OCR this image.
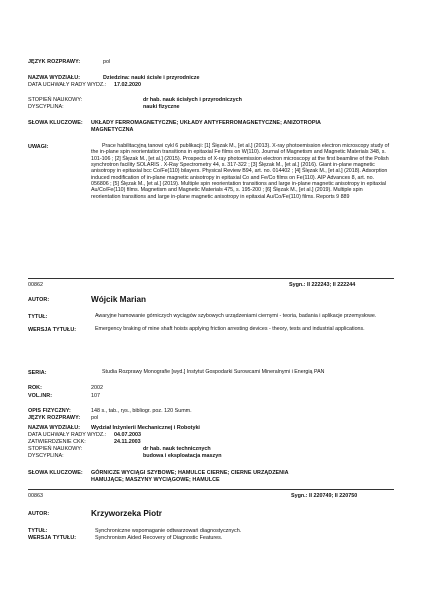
JĘZYK ROZPRAWY:	pol
NAZWA WYDZIAŁU:	Dziedzina: nauki ścisłe i przyrodnicze
DATA UCHWAŁY RADY WYDZ.: 17.02.2020
STOPIEŃ NAUKOWY:	dr hab. nauk ścisłych i przyrodniczych
DYSCYPLINA:	nauki fizyczne
SŁOWA KLUCZOWE: UKŁADY FERROMAGNETYCZNE; UKŁADY ANTYFERROMAGNETYCZNE; ANIZOTROPIA
MAGNETYCZNA
UWAGI:	Prace habilitacyjną tanowi cykl 6 publikacji: [1] Ślęzak M., [et al.] (2013). X-ray photoemission electron microscopy study of the in-plane spin reorientation transitions in epitaxial Fe films on W(110). Journal of Magnetism and Magnetic Materials 348, s. 101-106 ; [2] Ślęzak M., [et al.] (2015). Prospects of X-ray photoemission electron microscopy at the first beamline of the Polish synchrotron facility SOLARIS . X-Ray Spectrometry 44, s. 317-322 ; [3] Ślęzak M., [et al.] (2016). Giant in-plane magnetic anisotropy in epitaxial bcc Co/Fe(110) bilayers. Physical Review B94, art. no. 014402 ; [4] Ślęzak M., [et al.] (2018). Adsorption induced modification of in-plane magnetic anisotropy in epitaxial Co and Fe/Co films on Fe(110). AIP Advances 8, art. no. 056806 ; [5] Ślęzak M., [et al.] (2019). Multiple spin reorientation transitions and large in-plane magnetic anisotropy in epitaxial Au/Co/Fe(110) films. Magnetism and Magnetic Materials 475, s. 195-200 ; [6] Ślęzak M., [et al.] (2019). Multiple spin reorientation transitions and large in-plane magnetic anisotropy in epitaxial Au/Co/Fe(110) films. Reports 9 889
00862	Sygn.: II 222243; II 222244
AUTOR:	Wójcik Marian
TYTUŁ:	Awaryjne hamowanie górniczych wyciągów szybowych urządzeniami ciernymi - teoria, badania i aplikacje przemysłowe.
WERSJA TYTUŁU:	Emergency braking of mine shaft hoists applying friction arresting devices - theory, tests and industrial applications.
SERIA:	Studia Rozprawy Monografie [wyd.] Instytut Gospodarki Surowcami Mineralnymi i Energią PAN
ROK:	2002
VOL./NR:	107
OPIS FIZYCZNY:	148 s., tab., rys., bibliogr. poz. 120 Summ.
JĘZYK ROZPRAWY: pol
NAZWA WYDZIAŁU: Wydział Inżynierii Mechanicznej i Robotyki
DATA UCHWAŁY RADY WYDZ.: 04.07.2003
ZATWIERDZENIE CKK:	24.11.2003
STOPIEŃ NAUKOWY:	dr hab. nauk technicznych
DYSCYPLINA:	budowa i eksploatacja maszyn
SŁOWA KLUCZOWE: GÓRNICZE WYCIĄGI SZYBOWE; HAMULCE CIERNE; CIERNE URZĄDZENIA
HAMUJĄCE; MASZYNY WYCIĄGOWE; HAMULCE
00863	Sygn.: II 220749; II 220750
AUTOR:	Krzyworzeka Piotr
TYTUŁ:	Synchroniczne wspomaganie odtwarzowań diagnostycznych.
WERSJA TYTUŁU:	Synchronism Aided Recovery of Diagnostic Features.
